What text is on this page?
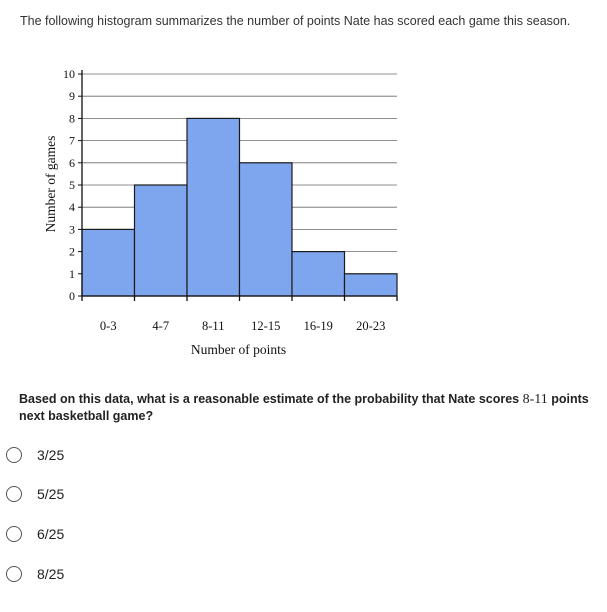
The following histogram summarizes the number of points Nate has scored each game this season.
0
1
2
3
4
5
6
7
8
9
10
0-3	4-7	8-11 12-15 16-19 20-23
Number of points
Number of games
Based on this data, what is a reasonable estimate of the probability that Nate scores 8-11 points next basketball game?
3/25
5/25
6/25
8/25
